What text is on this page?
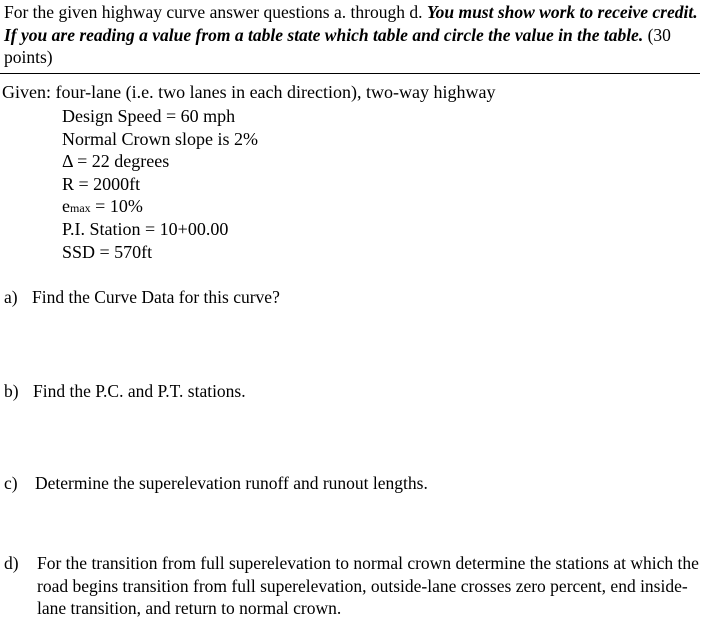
For the given highway curve answer questions a. through d. You must show work to receive credit. If you are reading a value from a table state which table and circle the value in the table. (30 points)
Given: four-lane (i.e. two lanes in each direction), two-way highway
Design Speed = 60 mph
Normal Crown slope is 2%
Δ = 22 degrees
R = 2000ft
emax = 10%
P.I. Station = 10+00.00
SSD = 570ft
a) Find the Curve Data for this curve?
b) Find the P.C. and P.T. stations.
c) Determine the superelevation runoff and runout lengths.
d) For the transition from full superelevation to normal crown determine the stations at which the road begins transition from full superelevation, outside-lane crosses zero percent, end inside-lane transition, and return to normal crown.
